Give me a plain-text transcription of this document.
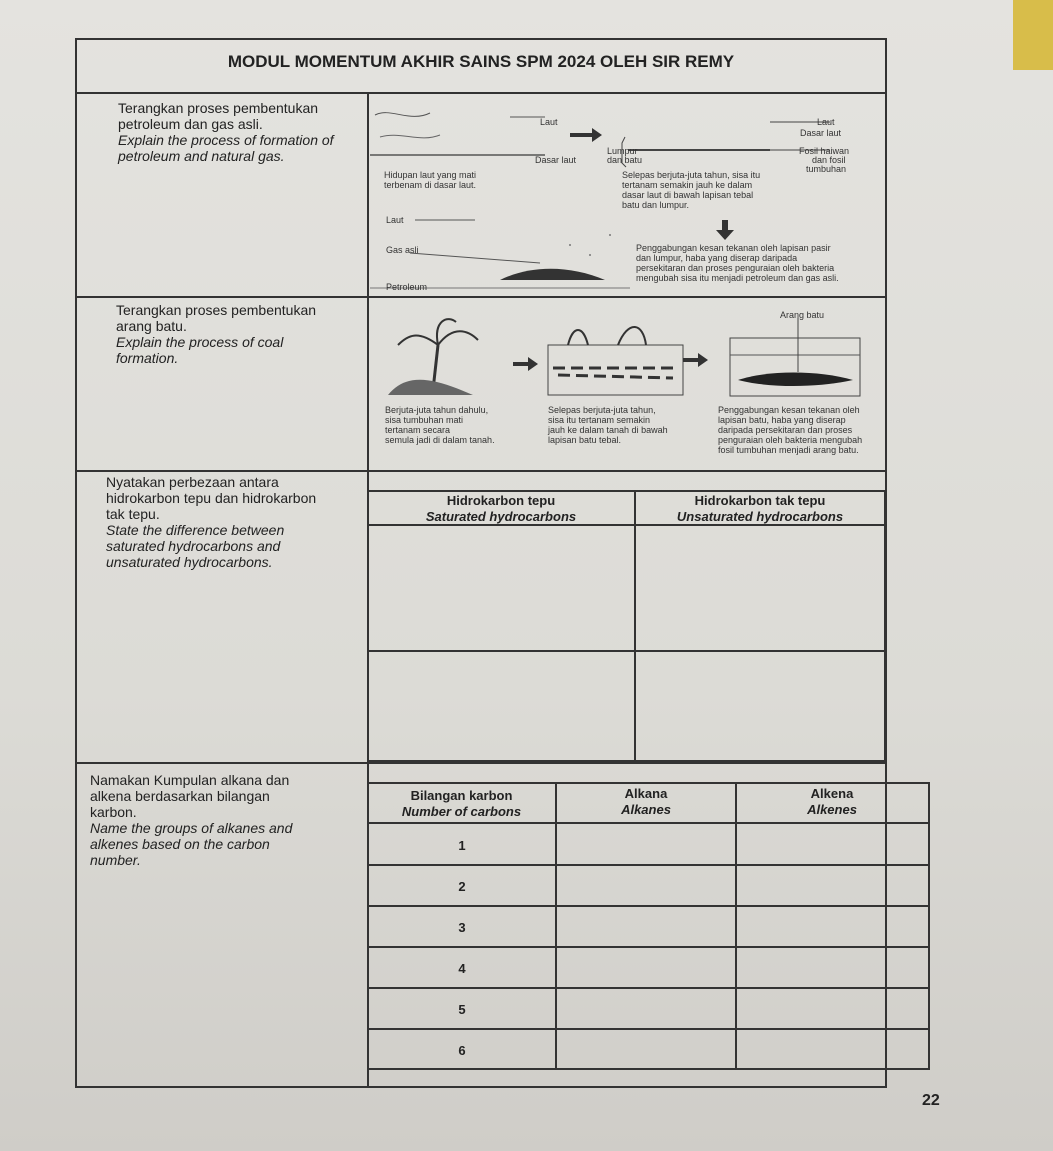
MODUL MOMENTUM AKHIR SAINS SPM 2024 OLEH SIR REMY
Terangkan proses pembentukan
petroleum dan gas asli.
Explain the process of formation of
petroleum and natural gas.
Laut
Dasar laut
Lumpur
dan batu
Laut
Dasar laut
Fosil haiwan
dan fosil
tumbuhan
Hidupan laut yang mati
terbenam di dasar laut.
Selepas berjuta-juta tahun, sisa itu
tertanam semakin jauh ke dalam
dasar laut di bawah lapisan tebal
batu dan lumpur.
Laut
Gas asli
Petroleum
Penggabungan kesan tekanan oleh lapisan pasir
dan lumpur, haba yang diserap daripada
persekitaran dan proses penguraian oleh bakteria
mengubah sisa itu menjadi petroleum dan gas asli.
Terangkan proses pembentukan
arang batu.
Explain the process of coal
formation.
Arang batu
Berjuta-juta tahun dahulu,
sisa tumbuhan mati
tertanam secara
semula jadi di dalam tanah.
Selepas berjuta-juta tahun,
sisa itu tertanam semakin
jauh ke dalam tanah di bawah
lapisan batu tebal.
Penggabungan kesan tekanan oleh
lapisan batu, haba yang diserap
daripada persekitaran dan proses
penguraian oleh bakteria mengubah
fosil tumbuhan menjadi arang batu.
Nyatakan perbezaan antara
hidrokarbon tepu dan hidrokarbon
tak tepu.
State the difference between
saturated hydrocarbons and
unsaturated hydrocarbons.
Hidrokarbon tepu
Saturated hydrocarbons
Hidrokarbon tak tepu
Unsaturated hydrocarbons
Namakan Kumpulan alkana dan
alkena berdasarkan bilangan
karbon.
Name the groups of alkanes and
alkenes based on the carbon
number.
Bilangan karbon
Number of carbons
Alkana
Alkanes
Alkena
Alkenes
1
2
3
4
5
6
22
